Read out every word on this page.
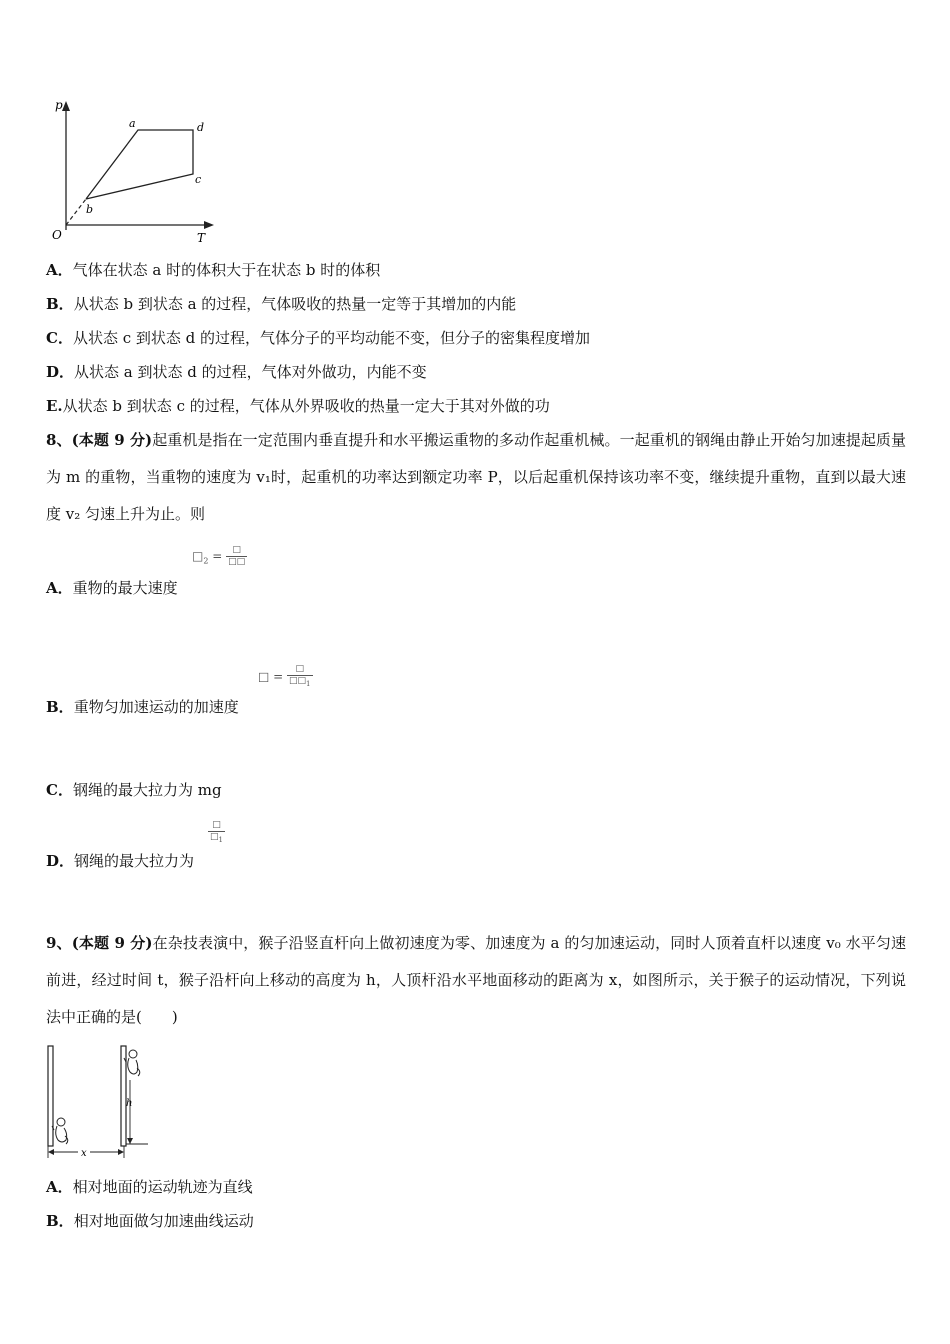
p
T
O
a	d
c
b
A．气体在状态 a 时的体积大于在状态 b 时的体积
B．从状态 b 到状态 a 的过程，气体吸收的热量一定等于其增加的内能
C．从状态 c 到状态 d 的过程，气体分子的平均动能不变，但分子的密集程度增加
D．从状态 a 到状态 d 的过程，气体对外做功，内能不变
E.从状态 b 到状态 c 的过程，气体从外界吸收的热量一定大于其对外做的功
8、(本题 9 分)起重机是指在一定范围内垂直提升和水平搬运重物的多动作起重机械。一起重机的钢绳由静止开始匀加速提起质量为 m 的重物，当重物的速度为 v₁时，起重机的功率达到额定功率 P，以后起重机保持该功率不变，继续提升重物，直到以最大速度 v₂ 匀速上升为止。则
$□_2 = \frac{□}{□□}$
A．重物的最大速度
□ = $\frac{□}{□□_1}$
B．重物匀加速运动的加速度
C．钢绳的最大拉力为 mg
$\frac{□}{□_1}$
D．钢绳的最大拉力为
9、(本题 9 分)在杂技表演中，猴子沿竖直杆向上做初速度为零、加速度为 a 的匀加速运动，同时人顶着直杆以速度 v₀ 水平匀速前进，经过时间 t，猴子沿杆向上移动的高度为 h，人顶杆沿水平地面移动的距离为 x，如图所示，关于猴子的运动情况，下列说法中正确的是(　　)
h
x
A．相对地面的运动轨迹为直线
B．相对地面做匀加速曲线运动
